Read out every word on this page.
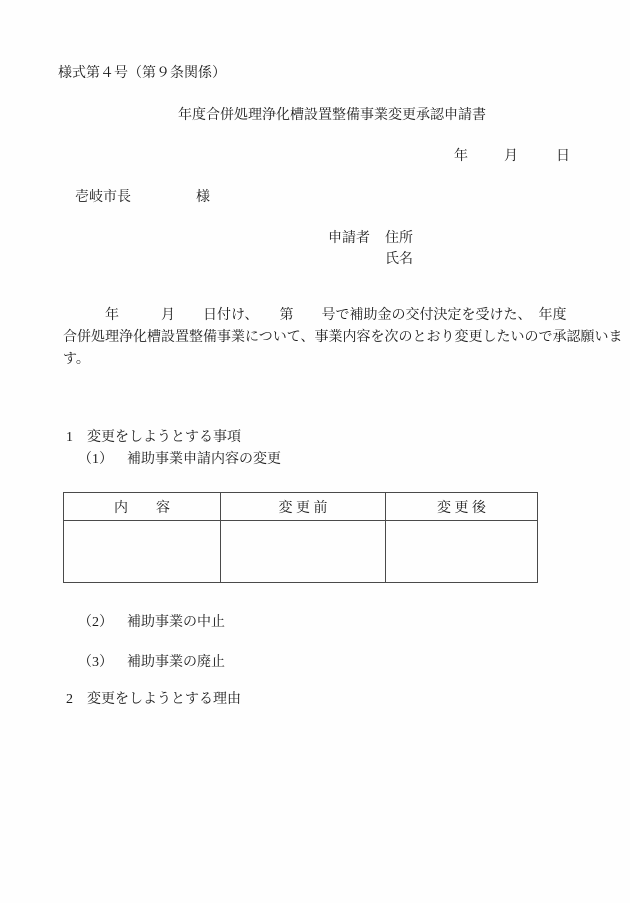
様式第４号（第９条関係）
年度合併処理浄化槽設置整備事業変更承認申請書
年	月	日
壱岐市長	様
申請者 住所
氏名
　　　年　　　月　　日付け、　　第　　号で補助金の交付決定を受けた、　年度
合併処理浄化槽設置整備事業について、事業内容を次のとおり変更したいので承認願いま
す。
1 変更をしようとする事項
（1） 補助事業申請内容の変更
内　　容	変 更 前	変 更 後

（2） 補助事業の中止
（3） 補助事業の廃止
2 変更をしようとする理由
